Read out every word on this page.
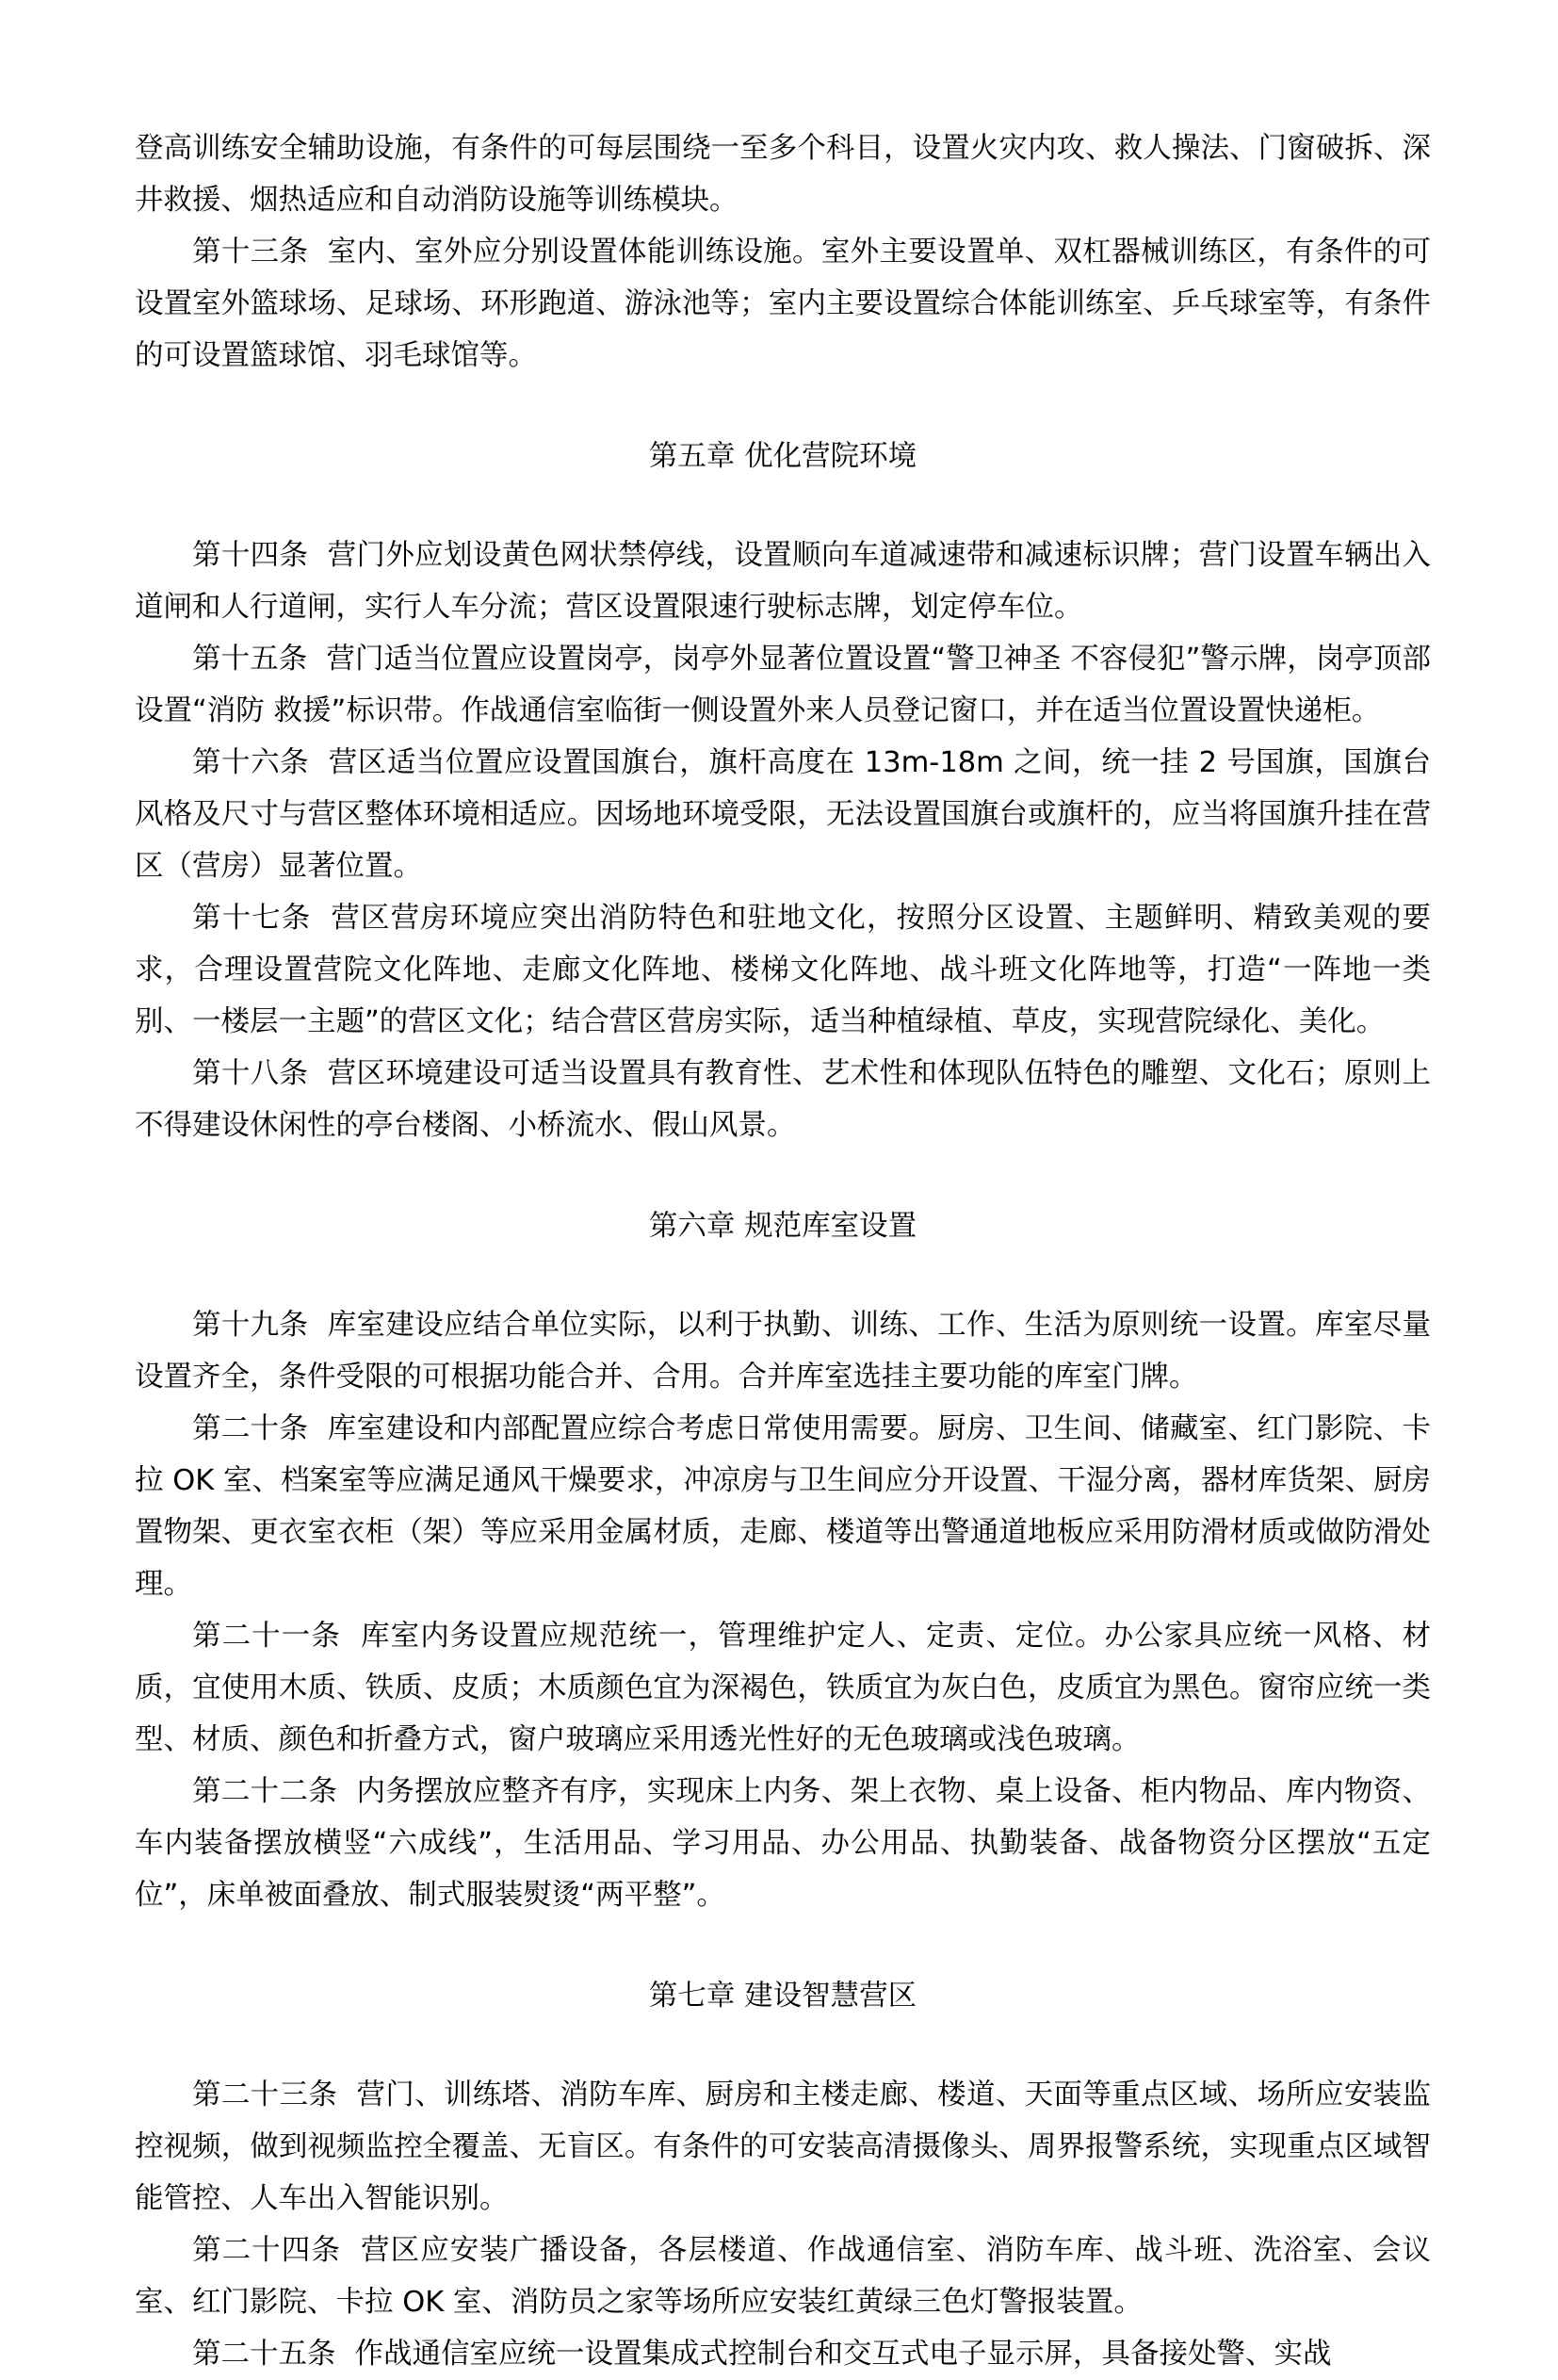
登高训练安全辅助设施，有条件的可每层围绕一至多个科目，设置火灾内攻、救人操法、门窗破拆、深井救援、烟热适应和自动消防设施等训练模块。

第十三条 室内、室外应分别设置体能训练设施。室外主要设置单、双杠器械训练区，有条件的可设置室外篮球场、足球场、环形跑道、游泳池等；室内主要设置综合体能训练室、乒乓球室等，有条件的可设置篮球馆、羽毛球馆等。

第五章 优化营院环境

第十四条 营门外应划设黄色网状禁停线，设置顺向车道减速带和减速标识牌；营门设置车辆出入道闸和人行道闸，实行人车分流；营区设置限速行驶标志牌，划定停车位。

第十五条 营门适当位置应设置岗亭，岗亭外显著位置设置“警卫神圣 不容侵犯”警示牌，岗亭顶部设置“消防 救援”标识带。作战通信室临街一侧设置外来人员登记窗口，并在适当位置设置快递柜。

第十六条 营区适当位置应设置国旗台，旗杆高度在 13m-18m 之间，统一挂 2 号国旗，国旗台风格及尺寸与营区整体环境相适应。因场地环境受限，无法设置国旗台或旗杆的，应当将国旗升挂在营区（营房）显著位置。

第十七条 营区营房环境应突出消防特色和驻地文化，按照分区设置、主题鲜明、精致美观的要求，合理设置营院文化阵地、走廊文化阵地、楼梯文化阵地、战斗班文化阵地等，打造“一阵地一类别、一楼层一主题”的营区文化；结合营区营房实际，适当种植绿植、草皮，实现营院绿化、美化。

第十八条 营区环境建设可适当设置具有教育性、艺术性和体现队伍特色的雕塑、文化石；原则上不得建设休闲性的亭台楼阁、小桥流水、假山风景。

第六章 规范库室设置

第十九条 库室建设应结合单位实际，以利于执勤、训练、工作、生活为原则统一设置。库室尽量设置齐全，条件受限的可根据功能合并、合用。合并库室选挂主要功能的库室门牌。

第二十条 库室建设和内部配置应综合考虑日常使用需要。厨房、卫生间、储藏室、红门影院、卡拉 OK 室、档案室等应满足通风干燥要求，冲凉房与卫生间应分开设置、干湿分离，器材库货架、厨房置物架、更衣室衣柜（架）等应采用金属材质，走廊、楼道等出警通道地板应采用防滑材质或做防滑处理。

第二十一条 库室内务设置应规范统一，管理维护定人、定责、定位。办公家具应统一风格、材质，宜使用木质、铁质、皮质；木质颜色宜为深褐色，铁质宜为灰白色，皮质宜为黑色。窗帘应统一类型、材质、颜色和折叠方式，窗户玻璃应采用透光性好的无色玻璃或浅色玻璃。

第二十二条 内务摆放应整齐有序，实现床上内务、架上衣物、桌上设备、柜内物品、库内物资、车内装备摆放横竖“六成线”，生活用品、学习用品、办公用品、执勤装备、战备物资分区摆放“五定位”，床单被面叠放、制式服装熨烫“两平整”。

第七章 建设智慧营区

第二十三条 营门、训练塔、消防车库、厨房和主楼走廊、楼道、天面等重点区域、场所应安装监控视频，做到视频监控全覆盖、无盲区。有条件的可安装高清摄像头、周界报警系统，实现重点区域智能管控、人车出入智能识别。

第二十四条 营区应安装广播设备，各层楼道、作战通信室、消防车库、战斗班、洗浴室、会议室、红门影院、卡拉 OK 室、消防员之家等场所应安装红黄绿三色灯警报装置。

第二十五条 作战通信室应统一设置集成式控制台和交互式电子显示屏，具备接处警、实战
